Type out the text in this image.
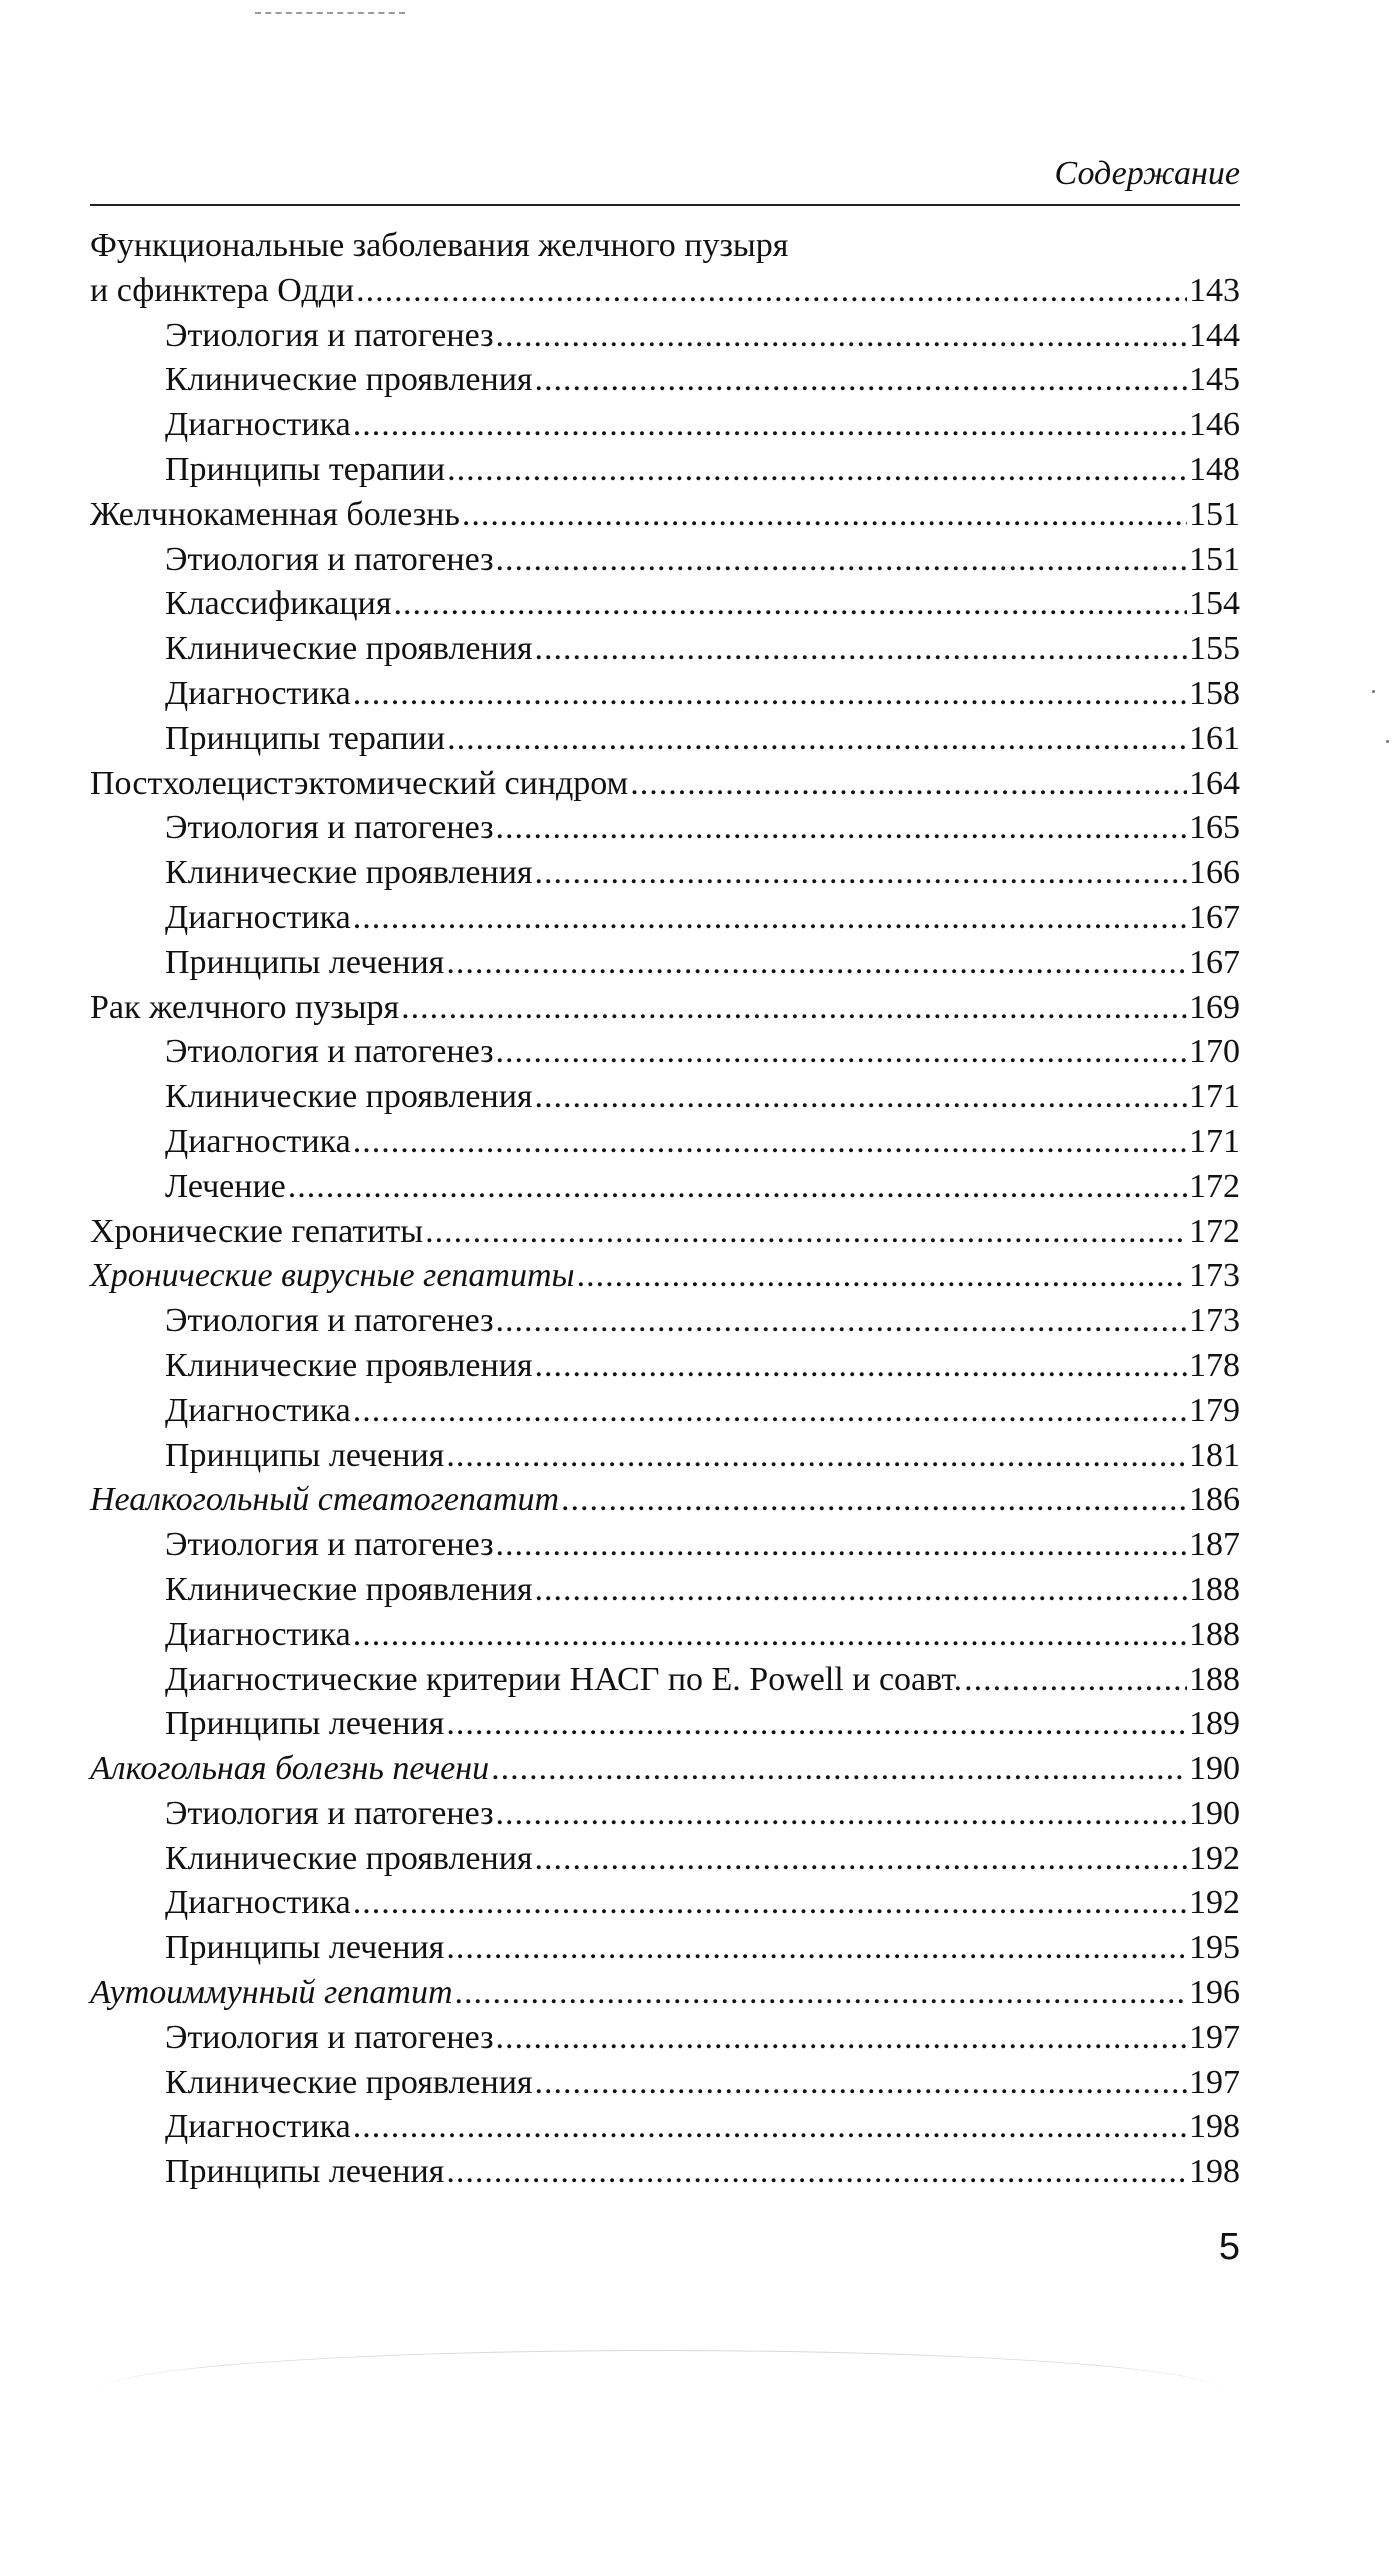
Содержание
Функциональные заболевания желчного пузыря
и сфинктера Одди .....	143
Этиология и патогенез .....	144
Клинические проявления .....	145
Диагностика .....	146
Принципы терапии .....	148
Желчнокаменная болезнь .....	151
Этиология и патогенез .....	151
Классификация .....	154
Клинические проявления .....	155
Диагностика .....	158
Принципы терапии .....	161
Постхолецистэктомический синдром .....	164
Этиология и патогенез .....	165
Клинические проявления .....	166
Диагностика .....	167
Принципы лечения .....	167
Рак желчного пузыря .....	169
Этиология и патогенез .....	170
Клинические проявления .....	171
Диагностика .....	171
Лечение .....	172
Хронические гепатиты .....	172
Хронические вирусные гепатиты .....	173
Этиология и патогенез .....	173
Клинические проявления .....	178
Диагностика .....	179
Принципы лечения .....	181
Неалкогольный стеатогепатит .....	186
Этиология и патогенез .....	187
Клинические проявления .....	188
Диагностика .....	188
Диагностические критерии НАСГ по E. Powell и соавт. .....	188
Принципы лечения .....	189
Алкогольная болезнь печени .....	190
Этиология и патогенез .....	190
Клинические проявления .....	192
Диагностика .....	192
Принципы лечения .....	195
Аутоиммунный гепатит .....	196
Этиология и патогенез .....	197
Клинические проявления .....	197
Диагностика .....	198
Принципы лечения .....	198
5
